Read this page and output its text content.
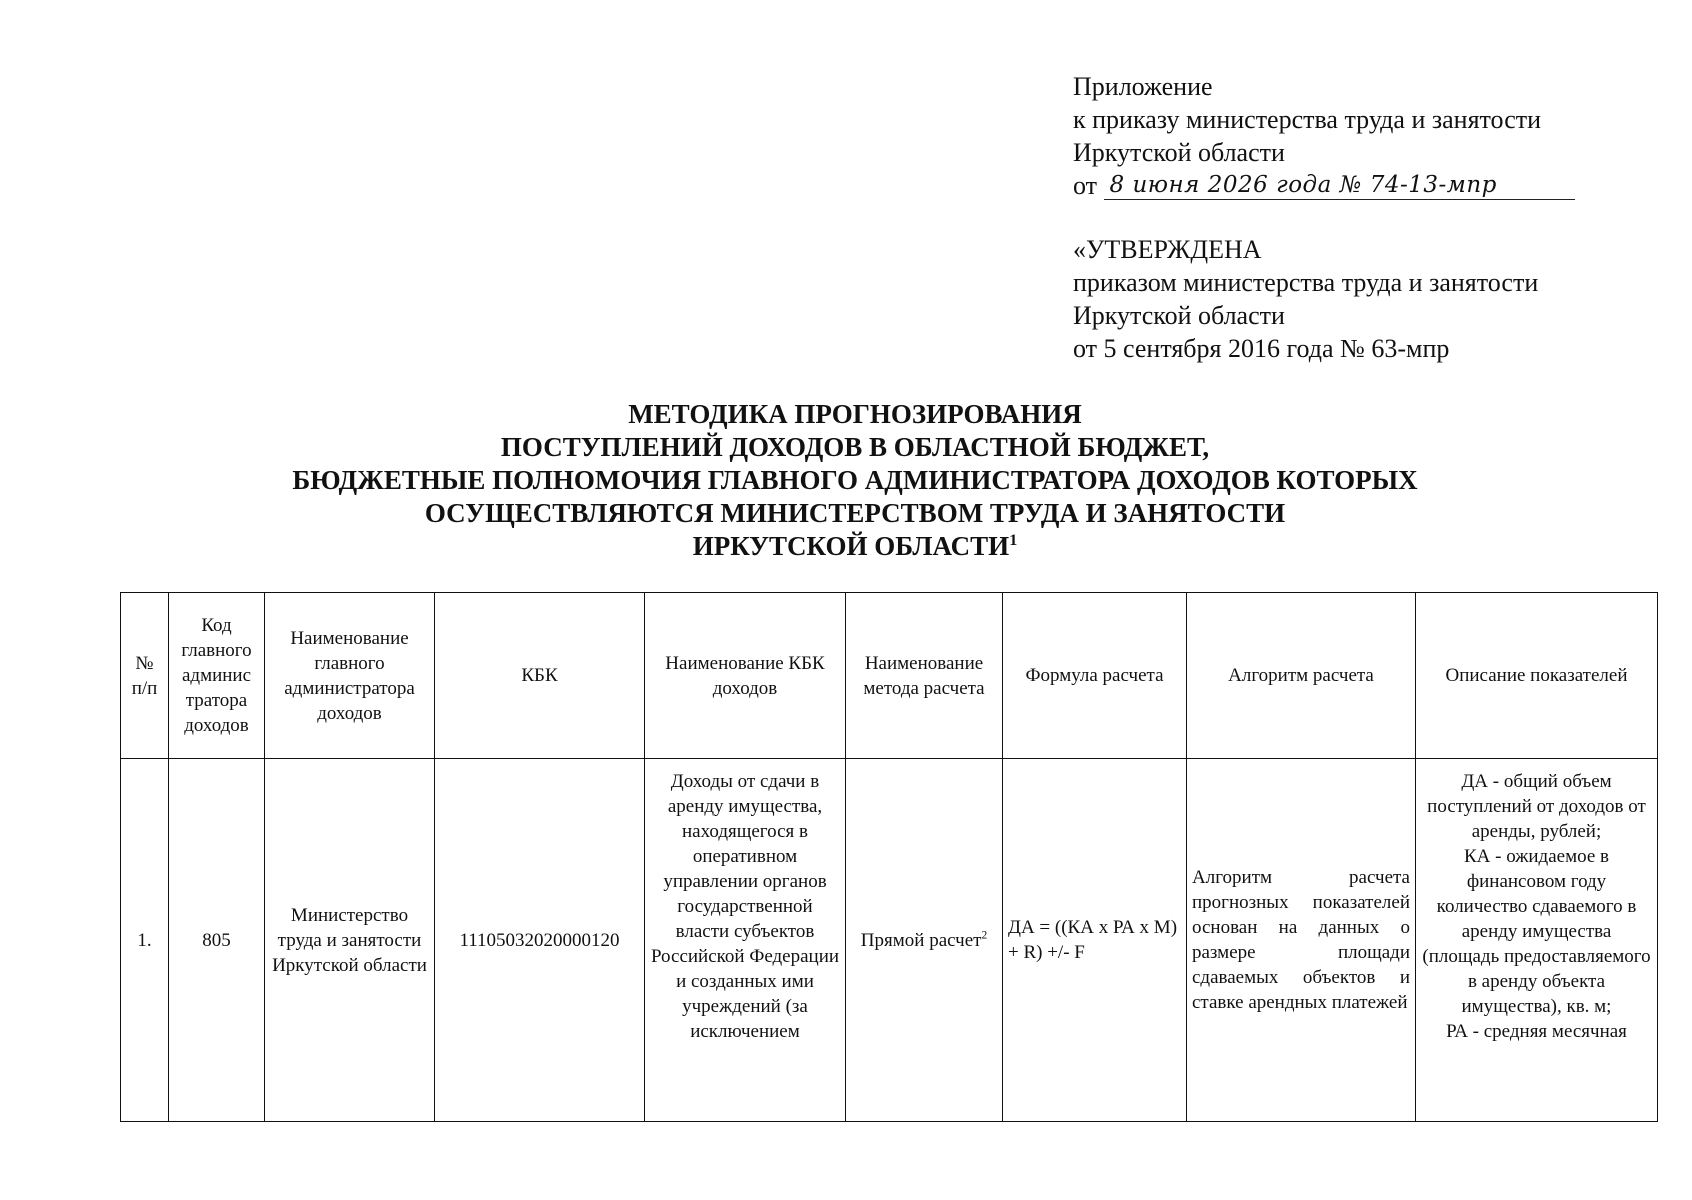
Приложение
к приказу министерства труда и занятости
Иркутской области
от 8 июня 2026 года № 74-13-мпр
«УТВЕРЖДЕНА
приказом министерства труда и занятости
Иркутской области
от 5 сентября 2016 года № 63-мпр
МЕТОДИКА ПРОГНОЗИРОВАНИЯ
ПОСТУПЛЕНИЙ ДОХОДОВ В ОБЛАСТНОЙ БЮДЖЕТ,
БЮДЖЕТНЫЕ ПОЛНОМОЧИЯ ГЛАВНОГО АДМИНИСТРАТОРА ДОХОДОВ КОТОРЫХ
ОСУЩЕСТВЛЯЮТСЯ МИНИСТЕРСТВОМ ТРУДА И ЗАНЯТОСТИ
ИРКУТСКОЙ ОБЛАСТИ$^1$
№ п/п	Код главного админис тратора доходов	Наименование главного администратора доходов	КБК	Наименование КБК доходов	Наименование метода расчета	Формула расчета	Алгоритм расчета	Описание показателей
1.	805	Министерство труда и занятости Иркутской области	11105032020000120	Доходы от сдачи в аренду имущества, находящегося в оперативном управлении органов государственной власти субъектов Российской Федерации и созданных ими учреждений (за исключением	Прямой расчет$^2$	ДА = ((КА х РА х М) + R) +/- F	Алгоритм расчета прогнозных показателей основан на данных о размере площади сдаваемых объектов и ставке арендных платежей	ДА - общий объем поступлений от доходов от аренды, рублей;
КА - ожидаемое в финансовом году количество сдаваемого в аренду имущества (площадь предоставляемого в аренду объекта имущества), кв. м;
РА - средняя месячная
